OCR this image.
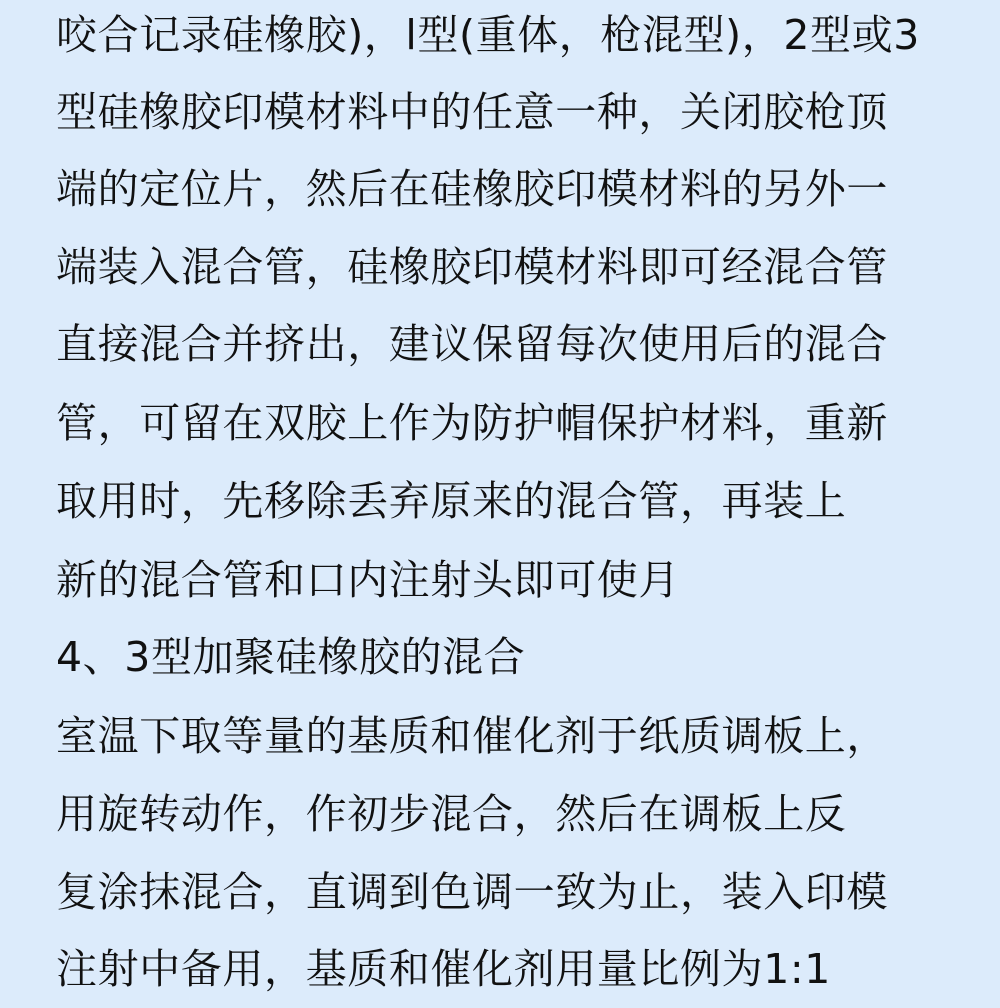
咬合记录硅橡胶)，l型(重体，枪混型)，2型或3
型硅橡胶印模材料中的任意一种，关闭胶枪顶
端的定位片，然后在硅橡胶印模材料的另外一
端装入混合管，硅橡胶印模材料即可经混合管
直接混合并挤出，建议保留每次使用后的混合
管，可留在双胶上作为防护帽保护材料，重新
取用时，先移除丢弃原来的混合管，再装上
新的混合管和口内注射头即可使月
4、3型加聚硅橡胶的混合
室温下取等量的基质和催化剂于纸质调板上，
用旋转动作，作初步混合，然后在调板上反
复涂抹混合，直调到色调一致为止，装入印模
注射中备用，基质和催化剂用量比例为1:1
